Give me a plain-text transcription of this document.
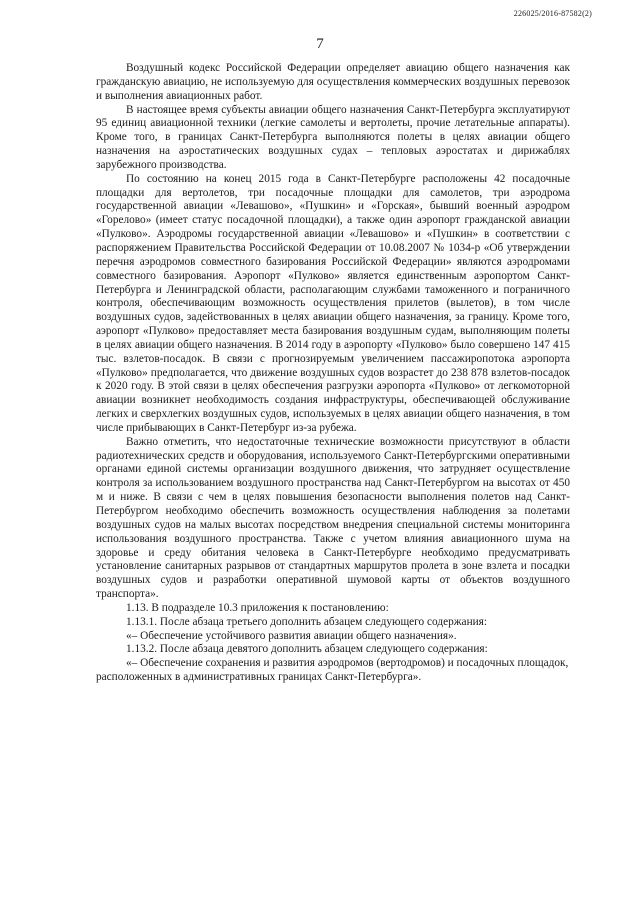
226025/2016-87582(2)
7

Воздушный кодекс Российской Федерации определяет авиацию общего назначения как гражданскую авиацию, не используемую для осуществления коммерческих воздушных перевозок и выполнения авиационных работ.

В настоящее время субъекты авиации общего назначения Санкт-Петербурга эксплуатируют 95 единиц авиационной техники (легкие самолеты и вертолеты, прочие летательные аппараты). Кроме того, в границах Санкт-Петербурга выполняются полеты в целях авиации общего назначения на аэростатических воздушных судах – тепловых аэростатах и дирижаблях зарубежного производства.

По состоянию на конец 2015 года в Санкт-Петербурге расположены 42 посадочные площадки для вертолетов, три посадочные площадки для самолетов, три аэродрома государственной авиации «Левашово», «Пушкин» и «Горская», бывший военный аэродром «Горелово» (имеет статус посадочной площадки), а также один аэропорт гражданской авиации «Пулково». Аэродромы государственной авиации «Левашово» и «Пушкин» в соответствии с распоряжением Правительства Российской Федерации от 10.08.2007 № 1034-р «Об утверждении перечня аэродромов совместного базирования Российской Федерации» являются аэродромами совместного базирования. Аэропорт «Пулково» является единственным аэропортом Санкт-Петербурга и Ленинградской области, располагающим службами таможенного и пограничного контроля, обеспечивающим возможность осуществления прилетов (вылетов), в том числе воздушных судов, задействованных в целях авиации общего назначения, за границу. Кроме того, аэропорт «Пулково» предоставляет места базирования воздушным судам, выполняющим полеты в целях авиации общего назначения. В 2014 году в аэропорту «Пулково» было совершено 147 415 тыс. взлетов-посадок. В связи с прогнозируемым увеличением пассажиропотока аэропорта «Пулково» предполагается, что движение воздушных судов возрастет до 238 878 взлетов-посадок к 2020 году. В этой связи в целях обеспечения разгрузки аэропорта «Пулково» от легкомоторной авиации возникнет необходимость создания инфраструктуры, обеспечивающей обслуживание легких и сверхлегких воздушных судов, используемых в целях авиации общего назначения, в том числе прибывающих в Санкт-Петербург из-за рубежа.

Важно отметить, что недостаточные технические возможности присутствуют в области радиотехнических средств и оборудования, используемого Санкт-Петербургскими оперативными органами единой системы организации воздушного движения, что затрудняет осуществление контроля за использованием воздушного пространства над Санкт-Петербургом на высотах от 450 м и ниже. В связи с чем в целях повышения безопасности выполнения полетов над Санкт-Петербургом необходимо обеспечить возможность осуществления наблюдения за полетами воздушных судов на малых высотах посредством внедрения специальной системы мониторинга использования воздушного пространства. Также с учетом влияния авиационного шума на здоровье и среду обитания человека в Санкт-Петербурге необходимо предусматривать установление санитарных разрывов от стандартных маршрутов пролета в зоне взлета и посадки воздушных судов и разработки оперативной шумовой карты от объектов воздушного транспорта».

1.13. В подразделе 10.3 приложения к постановлению:

1.13.1. После абзаца третьего дополнить абзацем следующего содержания:

«– Обеспечение устойчивого развития авиации общего назначения».

1.13.2. После абзаца девятого дополнить абзацем следующего содержания:

«– Обеспечение сохранения и развития аэродромов (вертодромов) и посадочных площадок, расположенных в административных границах Санкт-Петербурга».
